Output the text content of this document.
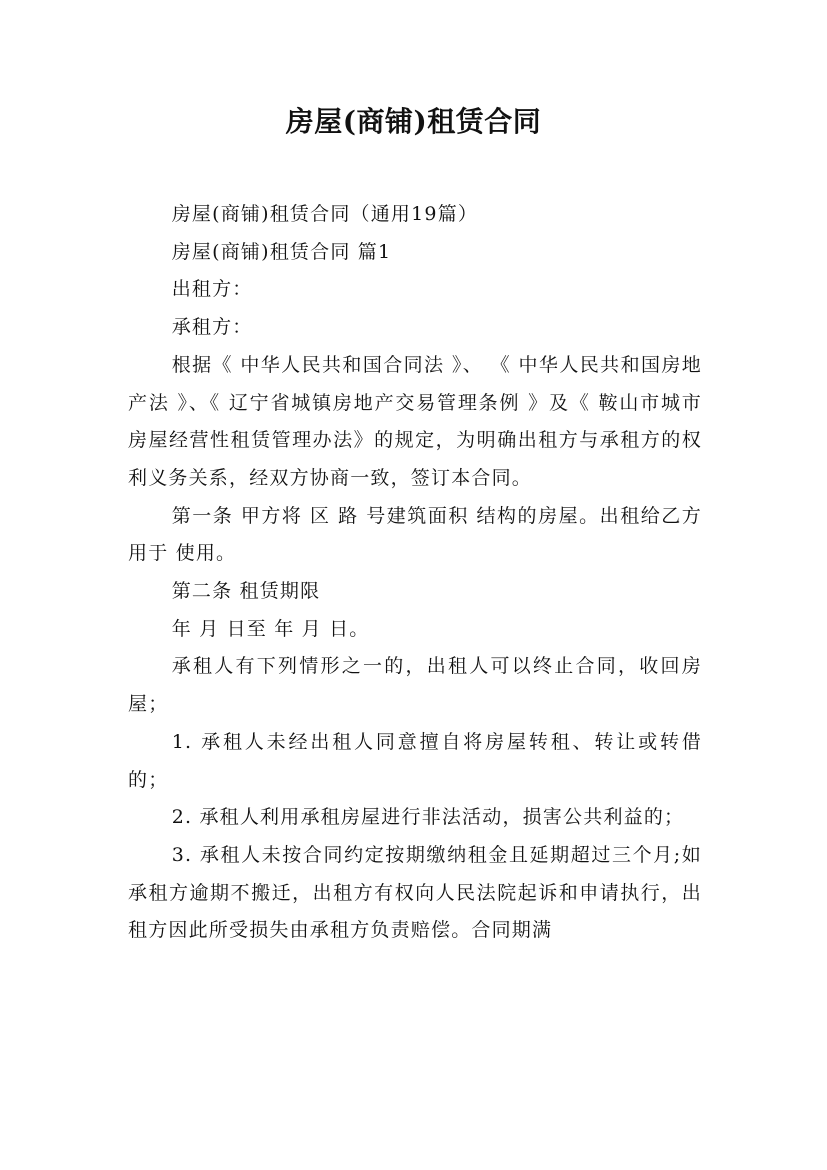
房屋(商铺)租赁合同

房屋(商铺)租赁合同（通用19篇）

房屋(商铺)租赁合同 篇1

出租方：

承租方：

根据《 中华人民共和国合同法 》、 《 中华人民共和国房地产法 》、《 辽宁省城镇房地产交易管理条例 》及《 鞍山市城市房屋经营性租赁管理办法》的规定，为明确出租方与承租方的权利义务关系，经双方协商一致，签订本合同。

第一条 甲方将 区 路 号建筑面积 结构的房屋。出租给乙方用于 使用。

第二条 租赁期限

年 月 日至 年 月 日。

承租人有下列情形之一的，出租人可以终止合同，收回房屋；

1. 承租人未经出租人同意擅自将房屋转租、转让或转借的；

2. 承租人利用承租房屋进行非法活动，损害公共利益的；

3. 承租人未按合同约定按期缴纳租金且延期超过三个月;如承租方逾期不搬迁，出租方有权向人民法院起诉和申请执行，出租方因此所受损失由承租方负责赔偿。合同期满
